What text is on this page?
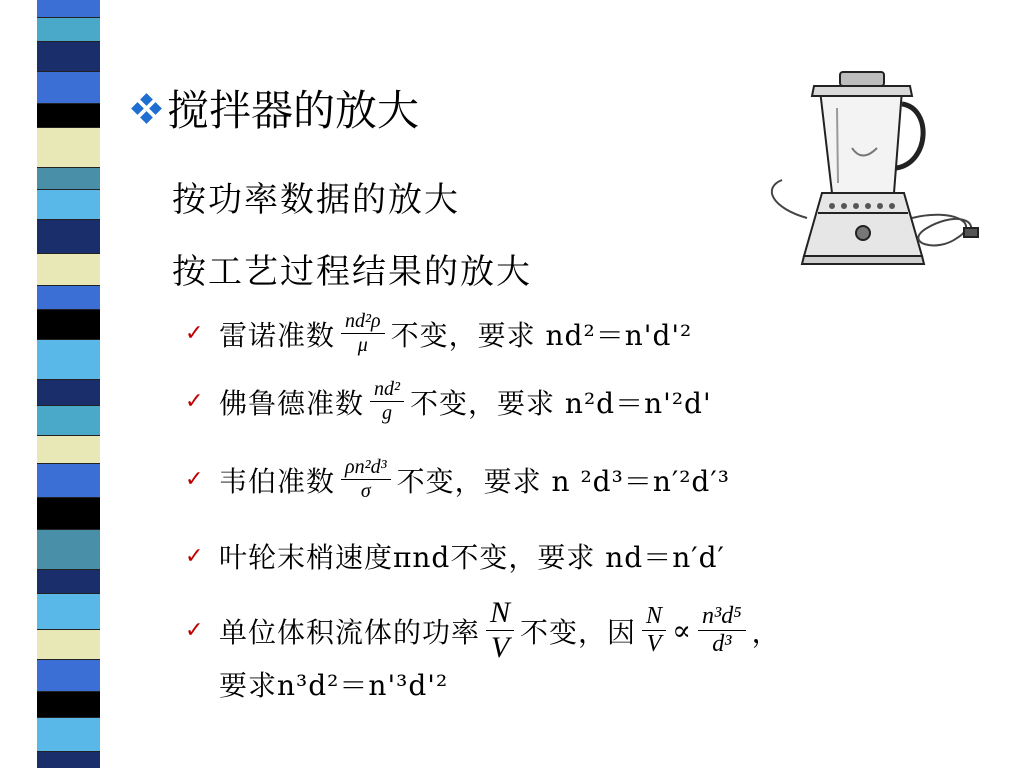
搅拌器的放大
按功率数据的放大
按工艺过程结果的放大
✓ 雷诺准数 $\frac{\text{nd²ρ}}{\mu}$ 不变，要求 nd²＝n'd'²
✓ 佛鲁德准数 $\frac{\text{nd²}}{g}$ 不变，要求 n²d＝n'²d'
✓ 韦伯准数 $\frac{\text{ρn²d³}}{\sigma}$ 不变，要求 n ²d³＝n′²d′³
✓ 叶轮末梢速度πnd不变，要求 nd＝n′d′
✓ 单位体积流体的功率 $\frac{N}{V}$ 不变，因 $\frac{N}{V} \propto \frac{\text{n³d⁵}}{\text{d³}}$ ，
要求n³d²＝n'³d'²
